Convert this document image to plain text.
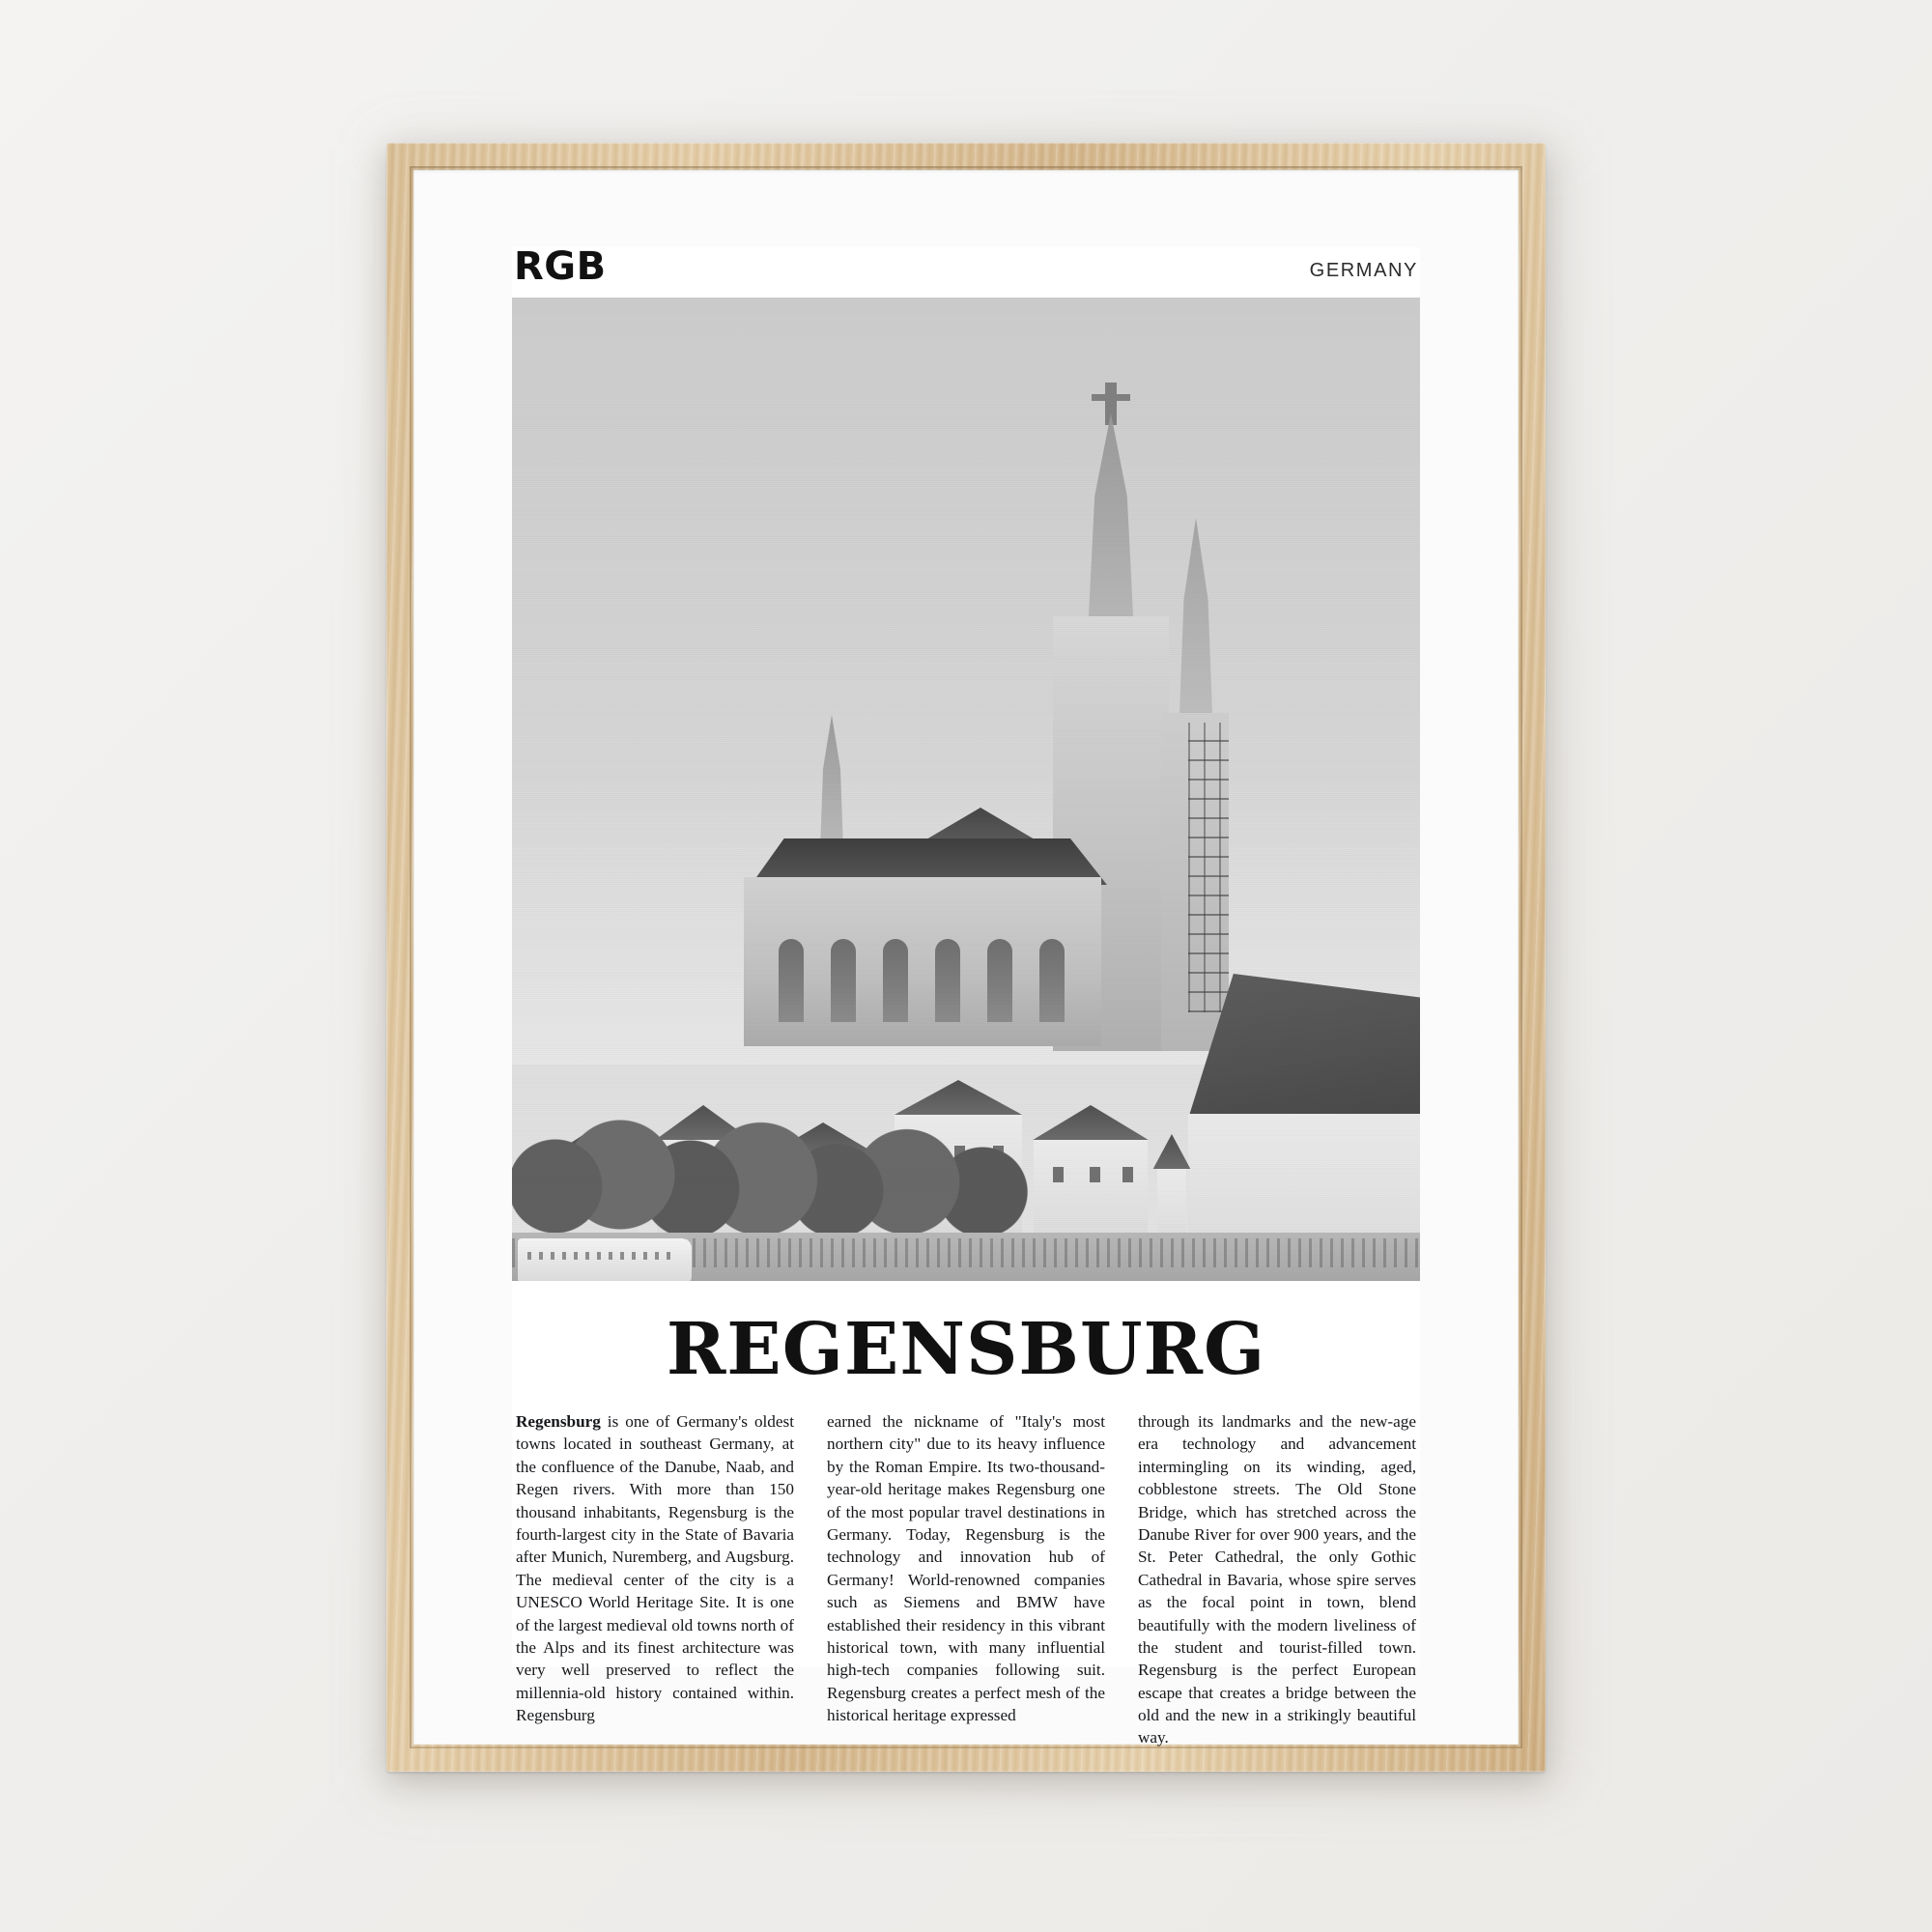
RGB	GERMANY
REGENSBURG
Regensburg is one of Germany's oldest towns located in southeast Germany, at the confluence of the Danube, Naab, and Regen rivers. With more than 150 thousand inhabitants, Regensburg is the fourth-largest city in the State of Bavaria after Munich, Nuremberg, and Augsburg. The medieval center of the city is a UNESCO World Heritage Site. It is one of the largest medieval old towns north of the Alps and its finest architecture was very well preserved to reflect the millennia-old history contained within. Regensburg
earned the nickname of "Italy's most northern city" due to its heavy influence by the Roman Empire. Its two-thousand-year-old heritage makes Regensburg one of the most popular travel destinations in Germany. Today, Regensburg is the technology and innovation hub of Germany! World-renowned companies such as Siemens and BMW have established their residency in this vibrant historical town, with many influential high-tech companies following suit. Regensburg creates a perfect mesh of the historical heritage expressed
through its landmarks and the new-age era technology and advancement intermingling on its winding, aged, cobblestone streets. The Old Stone Bridge, which has stretched across the Danube River for over 900 years, and the St. Peter Cathedral, the only Gothic Cathedral in Bavaria, whose spire serves as the focal point in town, blend beautifully with the modern liveliness of the student and tourist-filled town. Regensburg is the perfect European escape that creates a bridge between the old and the new in a strikingly beautiful way.
